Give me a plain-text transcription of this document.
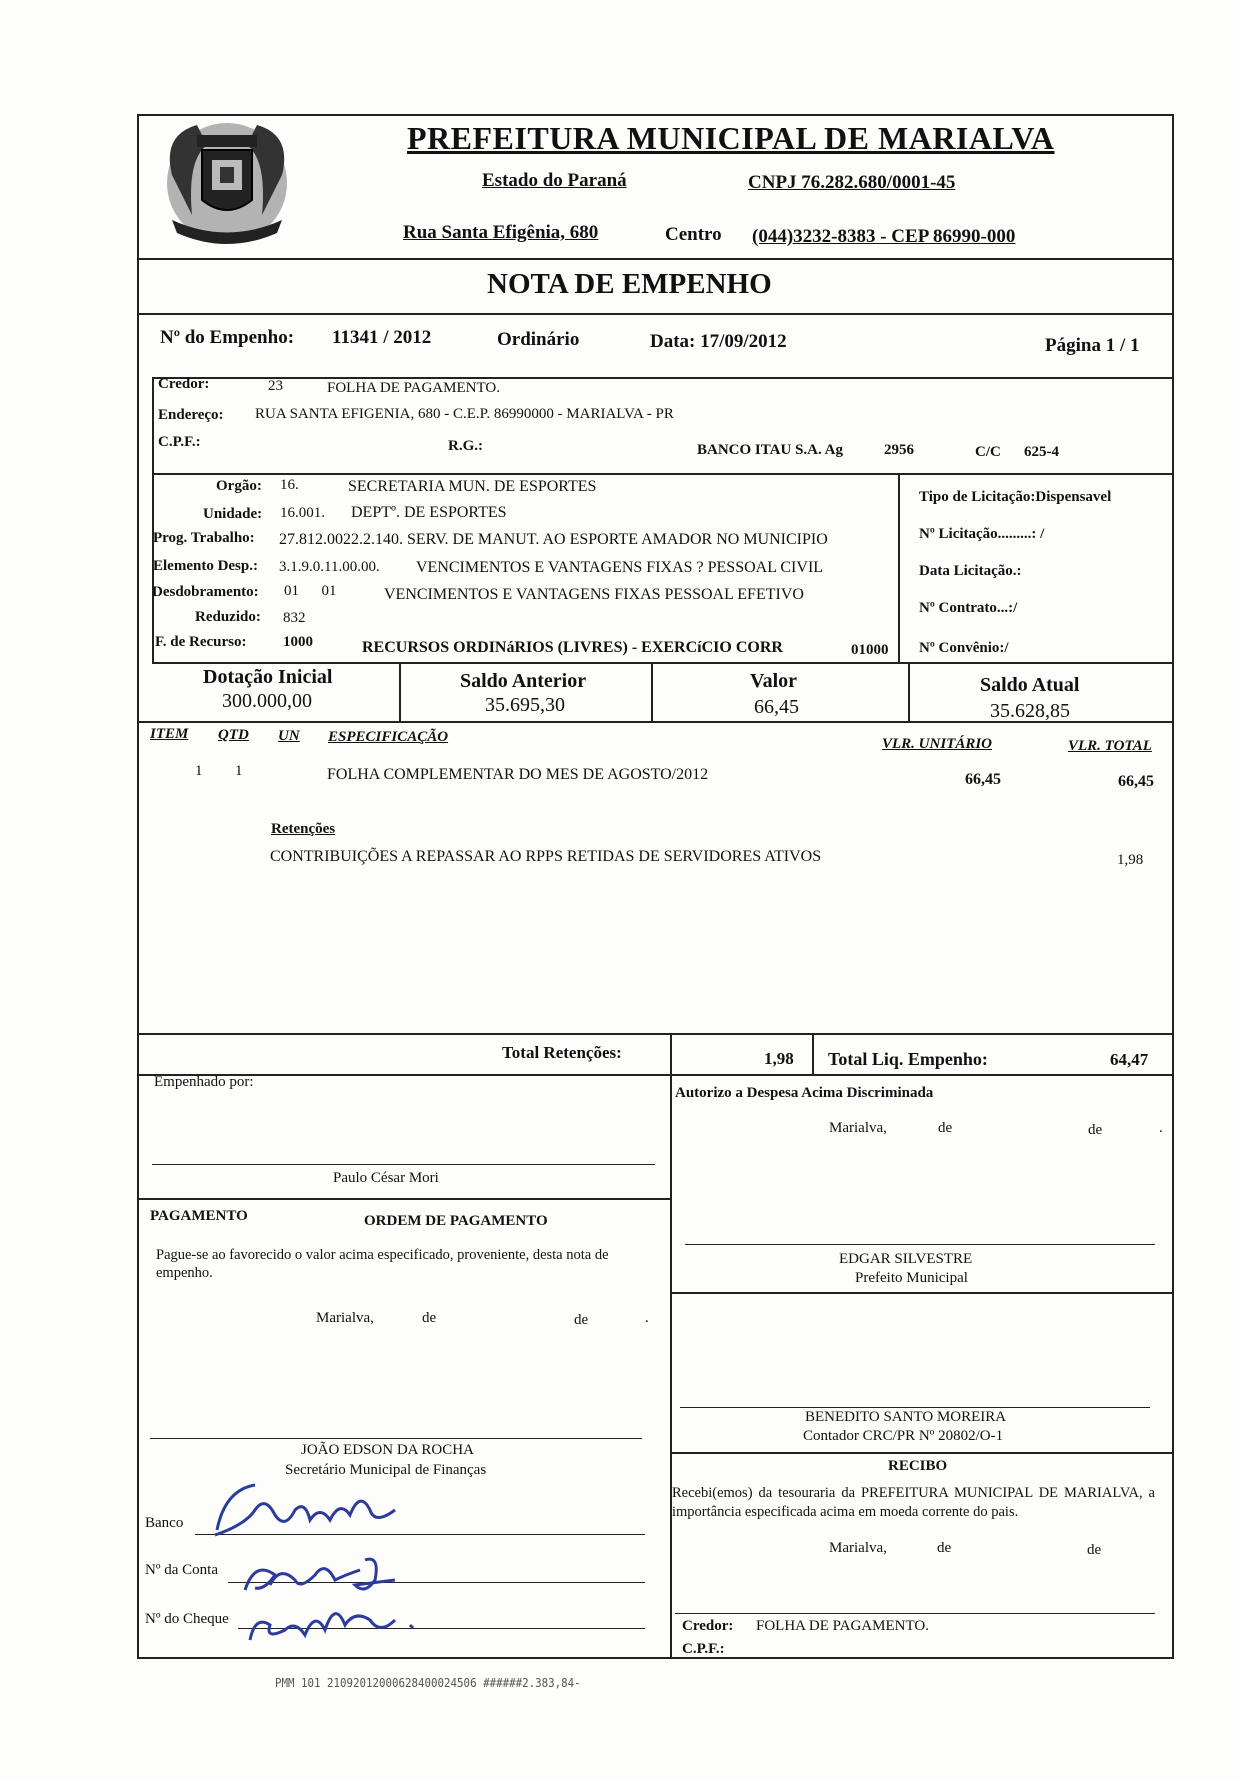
PREFEITURA MUNICIPAL DE MARIALVA
Estado do Paraná	CNPJ 76.282.680/0001-45
Rua Santa Efigênia, 680	Centro (044)3232-8383 - CEP 86990-000
NOTA DE EMPENHO
Nº do Empenho: 11341 / 2012	Ordinário	Data: 17/09/2012	Página 1 / 1
Credor:	23	FOLHA DE PAGAMENTO.
Endereço: RUA SANTA EFIGENIA, 680 - C.E.P. 86990000 - MARIALVA - PR
C.P.F.:	R.G.:	BANCO ITAU S.A. Ag	2956	C/C 625-4
Orgão: 16.	SECRETARIA MUN. DE ESPORTES
Unidade: 16.001. DEPTº. DE ESPORTES
Prog. Trabalho: 27.812.0022.2.140. SERV. DE MANUT. AO ESPORTE AMADOR NO MUNICIPIO
Elemento Desp.: 3.1.9.0.11.00.00. VENCIMENTOS E VANTAGENS FIXAS ? PESSOAL CIVIL
Desdobramento: 01      01	VENCIMENTOS E VANTAGENS FIXAS PESSOAL EFETIVO
Reduzido: 832
F. de Recurso: 1000	RECURSOS ORDINáRIOS (LIVRES) - EXERCíCIO CORR	01000
Tipo de Licitação:Dispensavel
Nº Licitação.........: /
Data Licitação.:
Nº Contrato...:/
Nº Convênio:/
Dotação Inicial
300.000,00
Saldo Anterior
35.695,30
Valor
66,45
Saldo Atual
35.628,85
ITEM QTD UN ESPECIFICAÇÃO	VLR. UNITÁRIO	VLR. TOTAL
1 1	FOLHA COMPLEMENTAR DO MES DE AGOSTO/2012	66,45	66,45
Retenções
CONTRIBUIÇÕES A REPASSAR AO RPPS RETIDAS DE SERVIDORES ATIVOS	1,98
Total Retenções:	1,98 Total Liq. Empenho:	64,47
Empenhado por:
Paulo César Mori
Autorizo a Despesa Acima Discriminada
Marialva,	de	de	.
EDGAR SILVESTRE
Prefeito Municipal
PAGAMENTO	ORDEM DE PAGAMENTO
Pague-se ao favorecido o valor acima especificado, proveniente, desta nota de empenho.
Marialva,	de	de	.
JOÃO EDSON DA ROCHA
Secretário Municipal de Finanças
BENEDITO SANTO MOREIRA
Contador CRC/PR Nº 20802/O-1
Banco
Nº da Conta
Nº do Cheque
RECIBO
Recebi(emos) da tesouraria da PREFEITURA MUNICIPAL DE MARIALVA, a importância especificada acima em moeda corrente do pais.
Marialva,	de	de
Credor: FOLHA DE PAGAMENTO.
C.P.F.:
PMM 101 21092012000628400024506 ######2.383,84-
